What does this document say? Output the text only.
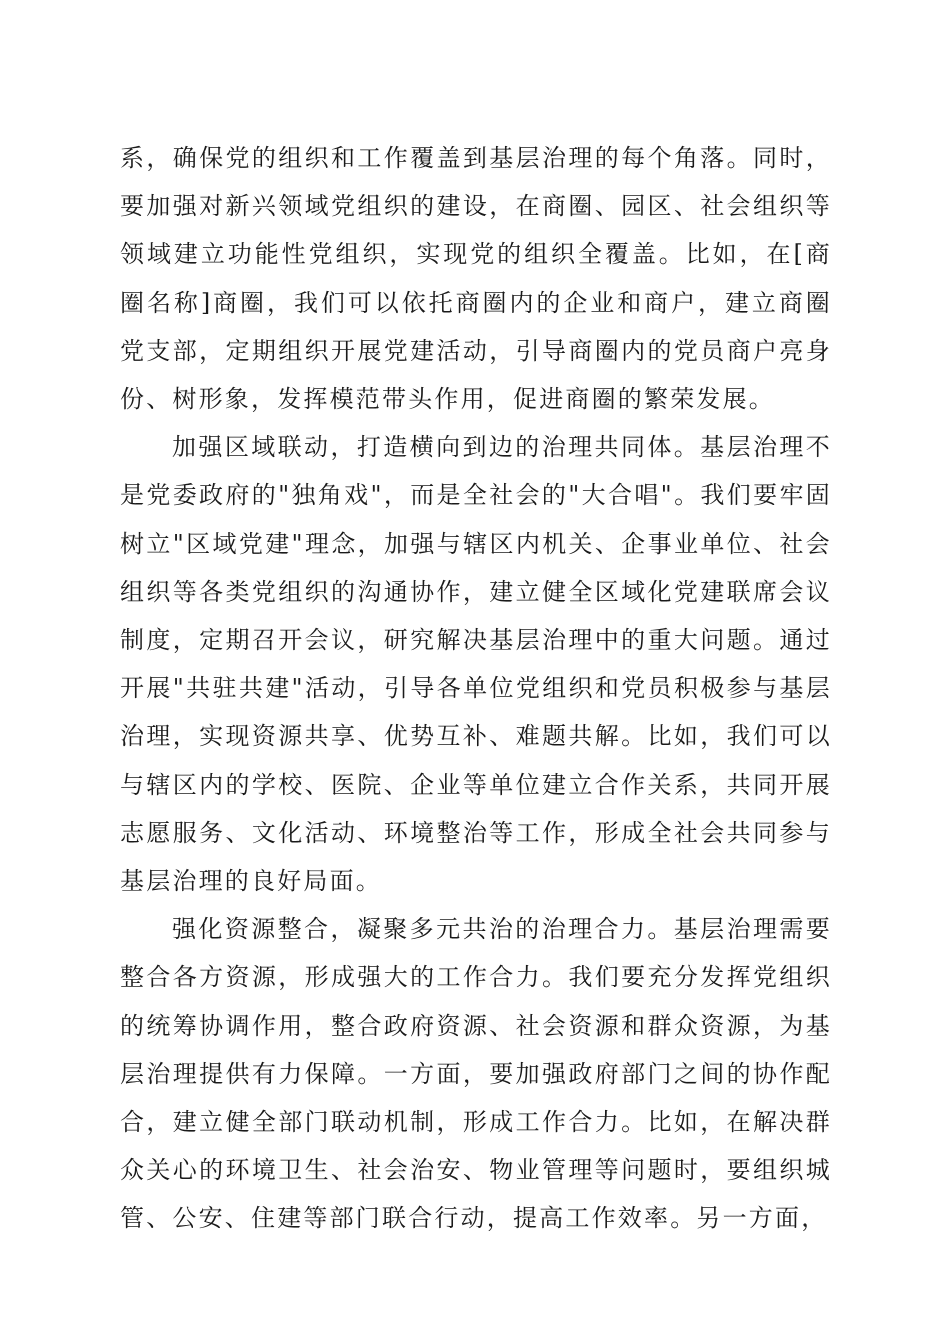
系，确保党的组织和工作覆盖到基层治理的每个角落。同时，要加强对新兴领域党组织的建设，在商圈、园区、社会组织等领域建立功能性党组织，实现党的组织全覆盖。比如，在[商圈名称]商圈，我们可以依托商圈内的企业和商户，建立商圈党支部，定期组织开展党建活动，引导商圈内的党员商户亮身份、树形象，发挥模范带头作用，促进商圈的繁荣发展。

加强区域联动，打造横向到边的治理共同体。基层治理不是党委政府的"独角戏"，而是全社会的"大合唱"。我们要牢固树立"区域党建"理念，加强与辖区内机关、企事业单位、社会组织等各类党组织的沟通协作，建立健全区域化党建联席会议制度，定期召开会议，研究解决基层治理中的重大问题。通过开展"共驻共建"活动，引导各单位党组织和党员积极参与基层治理，实现资源共享、优势互补、难题共解。比如，我们可以与辖区内的学校、医院、企业等单位建立合作关系，共同开展志愿服务、文化活动、环境整治等工作，形成全社会共同参与基层治理的良好局面。

强化资源整合，凝聚多元共治的治理合力。基层治理需要整合各方资源，形成强大的工作合力。我们要充分发挥党组织的统筹协调作用，整合政府资源、社会资源和群众资源，为基层治理提供有力保障。一方面，要加强政府部门之间的协作配合，建立健全部门联动机制，形成工作合力。比如，在解决群众关心的环境卫生、社会治安、物业管理等问题时，要组织城管、公安、住建等部门联合行动，提高工作效率。另一方面，
